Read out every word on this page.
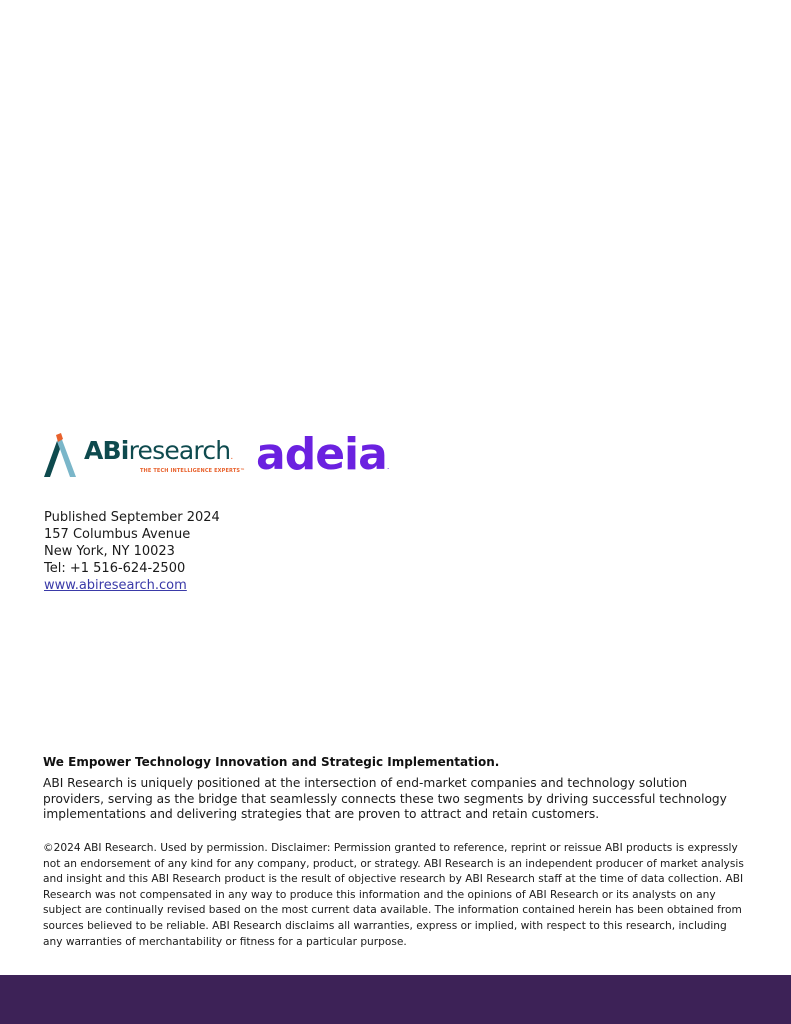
ABiresearch.
THE TECH INTELLIGENCE EXPERTS™ adeia.
Published September 2024
157 Columbus Avenue
New York, NY 10023
Tel: +1 516-624-2500
www.abiresearch.com

We Empower Technology Innovation and Strategic Implementation.

ABI Research is uniquely positioned at the intersection of end-market companies and technology solution providers, serving as the bridge that seamlessly connects these two segments by driving successful technology implementations and delivering strategies that are proven to attract and retain customers.

©2024 ABI Research. Used by permission. Disclaimer: Permission granted to reference, reprint or reissue ABI products is expressly not an endorsement of any kind for any company, product, or strategy. ABI Research is an independent producer of market analysis and insight and this ABI Research product is the result of objective research by ABI Research staff at the time of data collection. ABI Research was not compensated in any way to produce this information and the opinions of ABI Research or its analysts on any subject are continually revised based on the most current data available. The information contained herein has been obtained from sources believed to be reliable. ABI Research disclaims all warranties, express or implied, with respect to this research, including any warranties of merchantability or fitness for a particular purpose.
